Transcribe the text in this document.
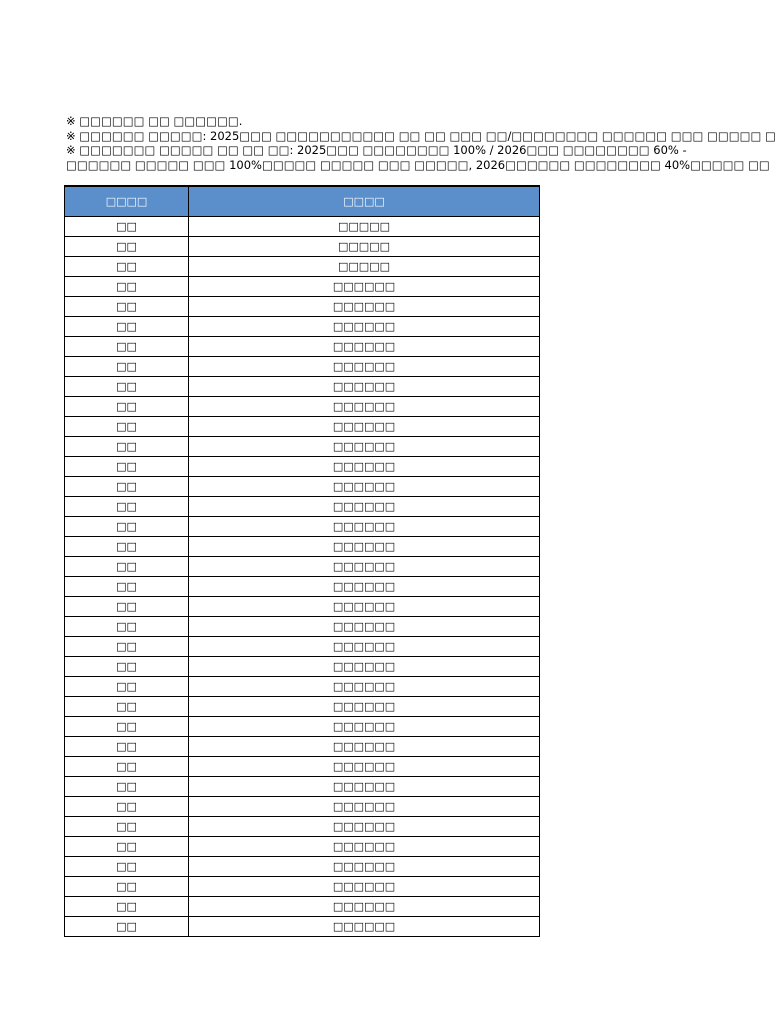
※ □□□□□□ □□ □□□□□□.
※ □□□□□□ □□□□□: 2025□□□ □□□□□□□□□□□ □□ □□ □□□ □□/□□□□□□□□ □□□□□□ □□□ □□□□□ □
※ □□□□□□□ □□□□□ □□ □□ □□: 2025□□□ □□□□□□□□ 100% / 2026□□□ □□□□□□□□ 60% -
□□□□□□ □□□□□ □□□ 100%□□□□□ □□□□□ □□□ □□□□□, 2026□□□□□□ □□□□□□□□ 40%□□□□□ □□
□□□□	□□□□
□□	□□□□□
□□	□□□□□
□□	□□□□□
□□	□□□□□□
□□	□□□□□□
□□	□□□□□□
□□	□□□□□□
□□	□□□□□□
□□	□□□□□□
□□	□□□□□□
□□	□□□□□□
□□	□□□□□□
□□	□□□□□□
□□	□□□□□□
□□	□□□□□□
□□	□□□□□□
□□	□□□□□□
□□	□□□□□□
□□	□□□□□□
□□	□□□□□□
□□	□□□□□□
□□	□□□□□□
□□	□□□□□□
□□	□□□□□□
□□	□□□□□□
□□	□□□□□□
□□	□□□□□□
□□	□□□□□□
□□	□□□□□□
□□	□□□□□□
□□	□□□□□□
□□	□□□□□□
□□	□□□□□□
□□	□□□□□□
□□	□□□□□□
□□	□□□□□□
